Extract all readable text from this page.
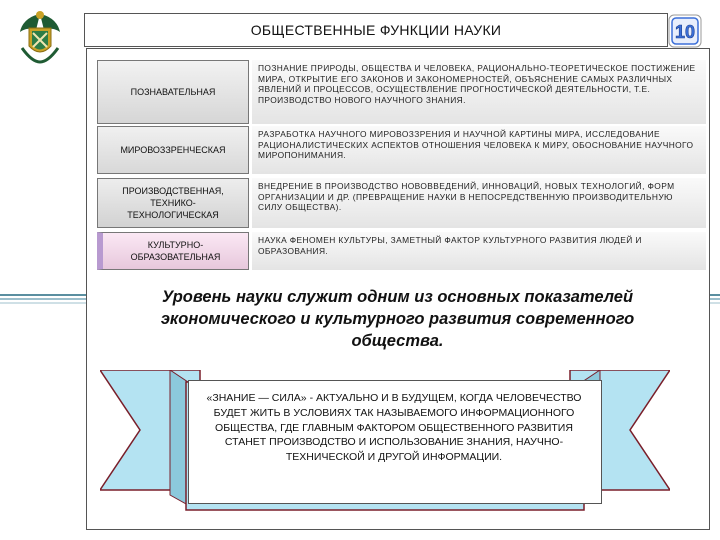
ОБЩЕСТВЕННЫЕ ФУНКЦИИ НАУКИ	10
ПОЗНАВАТЕЛЬНАЯ
ПОЗНАНИЕ ПРИРОДЫ, ОБЩЕСТВА И ЧЕЛОВЕКА, РАЦИОНАЛЬНО-ТЕОРЕТИЧЕСКОЕ ПОСТИЖЕНИЕ МИРА, ОТКРЫТИЕ ЕГО ЗАКОНОВ И ЗАКОНОМЕРНОСТЕЙ, ОБЪЯСНЕНИЕ САМЫХ РАЗЛИЧНЫХ ЯВЛЕНИЙ И ПРОЦЕССОВ, ОСУЩЕСТВЛЕНИЕ ПРОГНОСТИЧЕСКОЙ ДЕЯТЕЛЬНОСТИ, Т.Е. ПРОИЗВОДСТВО НОВОГО НАУЧНОГО ЗНАНИЯ.
МИРОВОЗЗРЕНЧЕСКАЯ
РАЗРАБОТКА НАУЧНОГО МИРОВОЗЗРЕНИЯ И НАУЧНОЙ КАРТИНЫ МИРА, ИССЛЕДОВАНИЕ РАЦИОНАЛИСТИЧЕСКИХ АСПЕКТОВ ОТНОШЕНИЯ ЧЕЛОВЕКА К МИРУ, ОБОСНОВАНИЕ НАУЧНОГО МИРОПОНИМАНИЯ.
ПРОИЗВОДСТВЕННАЯ, ТЕХНИКО-
ТЕХНОЛОГИЧЕСКАЯ
ВНЕДРЕНИЕ В ПРОИЗВОДСТВО НОВОВВЕДЕНИЙ, ИННОВАЦИЙ, НОВЫХ ТЕХНОЛОГИЙ, ФОРМ ОРГАНИЗАЦИИ И ДР. (ПРЕВРАЩЕНИЕ НАУКИ В НЕПОСРЕДСТВЕННУЮ ПРОИЗВОДИТЕЛЬНУЮ СИЛУ ОБЩЕСТВА).
КУЛЬТУРНО-
ОБРАЗОВАТЕЛЬНАЯ
НАУКА ФЕНОМЕН КУЛЬТУРЫ, ЗАМЕТНЫЙ ФАКТОР КУЛЬТУРНОГО РАЗВИТИЯ ЛЮДЕЙ И ОБРАЗОВАНИЯ.
Уровень науки служит одним из основных показателей экономического и культурного развития современного общества.
«ЗНАНИЕ — СИЛА» - АКТУАЛЬНО И В БУДУЩЕМ, КОГДА ЧЕЛОВЕЧЕСТВО БУДЕТ ЖИТЬ В УСЛОВИЯХ ТАК НАЗЫВАЕМОГО ИНФОРМАЦИОННОГО ОБЩЕСТВА, ГДЕ ГЛАВНЫМ ФАКТОРОМ ОБЩЕСТВЕННОГО РАЗВИТИЯ СТАНЕТ ПРОИЗВОДСТВО И ИСПОЛЬЗОВАНИЕ ЗНАНИЯ, НАУЧНО-ТЕХНИЧЕСКОЙ И ДРУГОЙ ИНФОРМАЦИИ.
